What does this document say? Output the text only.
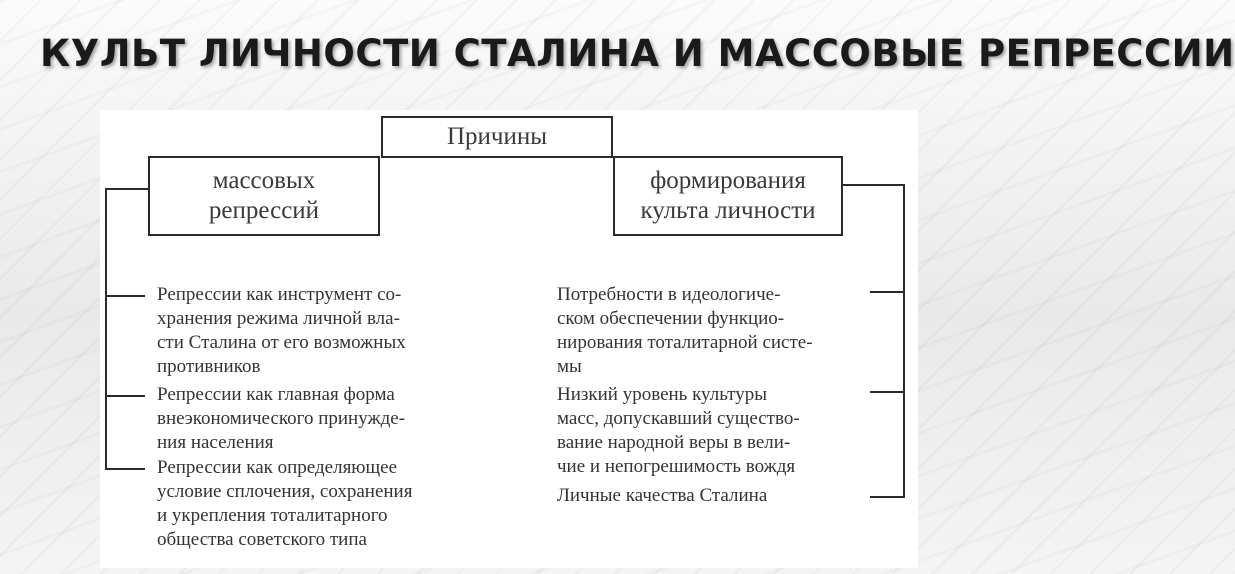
КУЛЬТ ЛИЧНОСТИ СТАЛИНА И МАССОВЫЕ РЕПРЕССИИ
Причины
массовых
репрессий
формирования
культа личности

Репрессии как инструмент со-
хранения режима личной вла-
сти Сталина от его возможных
противников

Репрессии как главная форма
внеэкономического принужде-
ния населения

Репрессии как определяющее
условие сплочения, сохранения
и укрепления тоталитарного
общества советского типа

Потребности в идеологиче-
ском обеспечении функцио-
нирования тоталитарной систе-
мы

Низкий уровень культуры
масс, допускавший существо-
вание народной веры в вели-
чие и непогрешимость вождя

Личные качества Сталина
